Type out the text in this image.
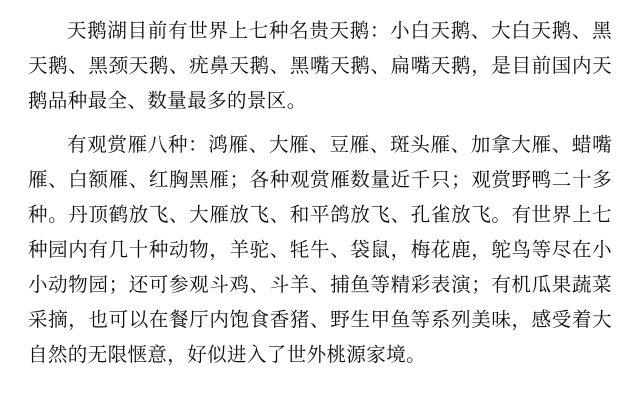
天鹅湖目前有世界上七种名贵天鹅：小白天鹅、大白天鹅、黑天鹅、黑颈天鹅、疣鼻天鹅、黑嘴天鹅、扁嘴天鹅，是目前国内天鹅品种最全、数量最多的景区。

有观赏雁八种：鸿雁、大雁、豆雁、斑头雁、加拿大雁、蜡嘴雁、白额雁、红胸黑雁；各种观赏雁数量近千只；观赏野鸭二十多种。丹顶鹤放飞、大雁放飞、和平鸽放飞、孔雀放飞。有世界上七种园内有几十种动物，羊驼、牦牛、袋鼠，梅花鹿，鸵鸟等尽在小小动物园；还可参观斗鸡、斗羊、捕鱼等精彩表演；有机瓜果蔬菜采摘，也可以在餐厅内饱食香猪、野生甲鱼等系列美味，感受着大自然的无限惬意，好似进入了世外桃源家境。
